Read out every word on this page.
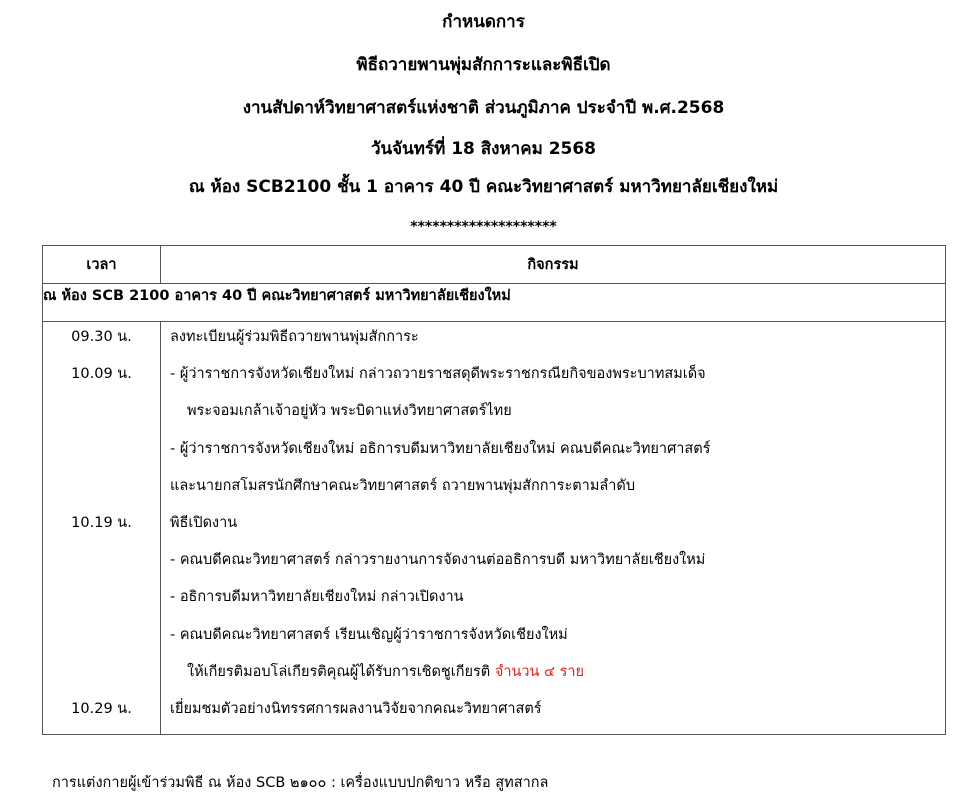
กำหนดการ
พิธีถวายพานพุ่มสักการะและพิธีเปิด
งานสัปดาห์วิทยาศาสตร์แห่งชาติ ส่วนภูมิภาค ประจำปี พ.ศ.2568
วันจันทร์ที่ 18 สิงหาคม 2568
ณ ห้อง SCB2100 ชั้น 1 อาคาร 40 ปี คณะวิทยาศาสตร์ มหาวิทยาลัยเชียงใหม่
********************
เวลา	กิจกรรม
ณ ห้อง SCB 2100 อาคาร 40 ปี คณะวิทยาศาสตร์ มหาวิทยาลัยเชียงใหม่	
09.30 น.	ลงทะเบียนผู้ร่วมพิธีถวายพานพุ่มสักการะ
10.09 น.	- ผู้ว่าราชการจังหวัดเชียงใหม่ กล่าวถวายราชสดุดีพระราชกรณียกิจของพระบาทสมเด็จ
	พระจอมเกล้าเจ้าอยู่หัว พระบิดาแห่งวิทยาศาสตร์ไทย
	- ผู้ว่าราชการจังหวัดเชียงใหม่ อธิการบดีมหาวิทยาลัยเชียงใหม่ คณบดีคณะวิทยาศาสตร์
	และนายกสโมสรนักศึกษาคณะวิทยาศาสตร์ ถวายพานพุ่มสักการะตามลำดับ
10.19 น.	พิธีเปิดงาน
	- คณบดีคณะวิทยาศาสตร์ กล่าวรายงานการจัดงานต่ออธิการบดี มหาวิทยาลัยเชียงใหม่
	- อธิการบดีมหาวิทยาลัยเชียงใหม่ กล่าวเปิดงาน
	- คณบดีคณะวิทยาศาสตร์ เรียนเชิญผู้ว่าราชการจังหวัดเชียงใหม่
	ให้เกียรติมอบโล่เกียรติคุณผู้ได้รับการเชิดชูเกียรติ จำนวน ๔ ราย
10.29 น.	เยี่ยมชมตัวอย่างนิทรรศการผลงานวิจัยจากคณะวิทยาศาสตร์
การแต่งกายผู้เข้าร่วมพิธี ณ ห้อง SCB ๒๑๐๐ : เครื่องแบบปกติขาว หรือ สูทสากล
